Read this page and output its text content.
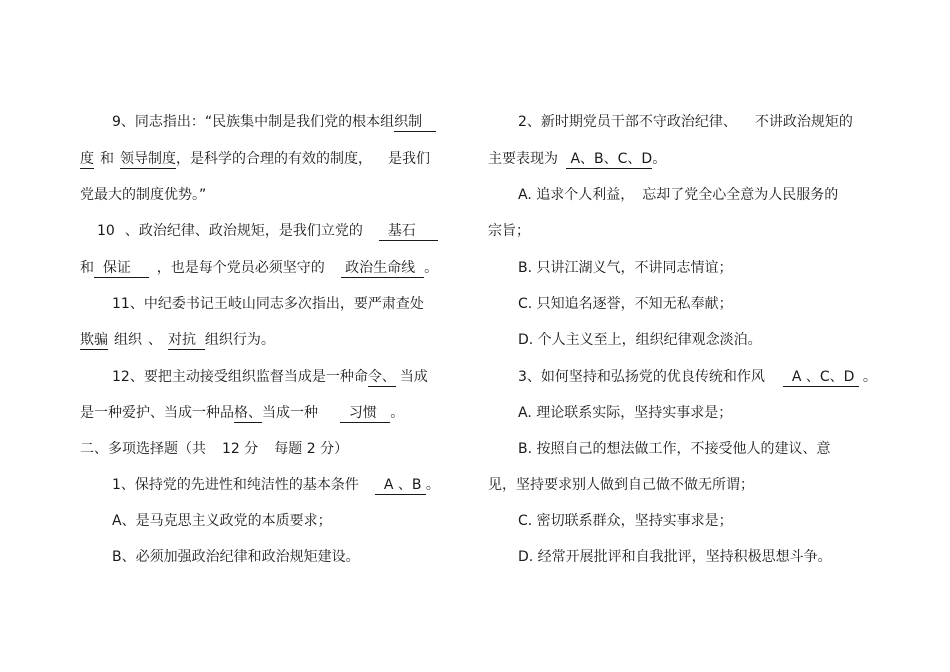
9、同志指出：“民族集中制是我们党的根本组织制
度 和 领导制度，是科学的合理的有效的制度， 是我们
党最大的制度优势。”
10 、政治纪律、政治规矩，是我们立党的 基石
和 保证 ，也是每个党员必须坚守的 政治生命线 。
11、中纪委书记王岐山同志多次指出，要严肃查处
欺骗 组织 、 对抗 组织行为。
12、要把主动接受组织监督当成是一种命令、 当成
是一种爱护、当成一种品格、当成一种 习惯 。
二、多项选择题（共 12 分 每题 2 分）
1、保持党的先进性和纯洁性的基本条件 A 、B 。
A、是马克思主义政党的本质要求；
B、必须加强政治纪律和政治规矩建设。
2、新时期党员干部不守政治纪律、 不讲政治规矩的
主要表现为 A、B、C、D。
A. 追求个人利益， 忘却了党全心全意为人民服务的
宗旨；
B. 只讲江湖义气，不讲同志情谊；
C. 只知追名逐誉，不知无私奉献；
D. 个人主义至上，组织纪律观念淡泊。
3、如何坚持和弘扬党的优良传统和作风 A 、C、D 。
A. 理论联系实际，坚持实事求是；
B. 按照自己的想法做工作，不接受他人的建议、意
见，坚持要求别人做到自己做不做无所谓；
C. 密切联系群众，坚持实事求是；
D. 经常开展批评和自我批评，坚持积极思想斗争。
